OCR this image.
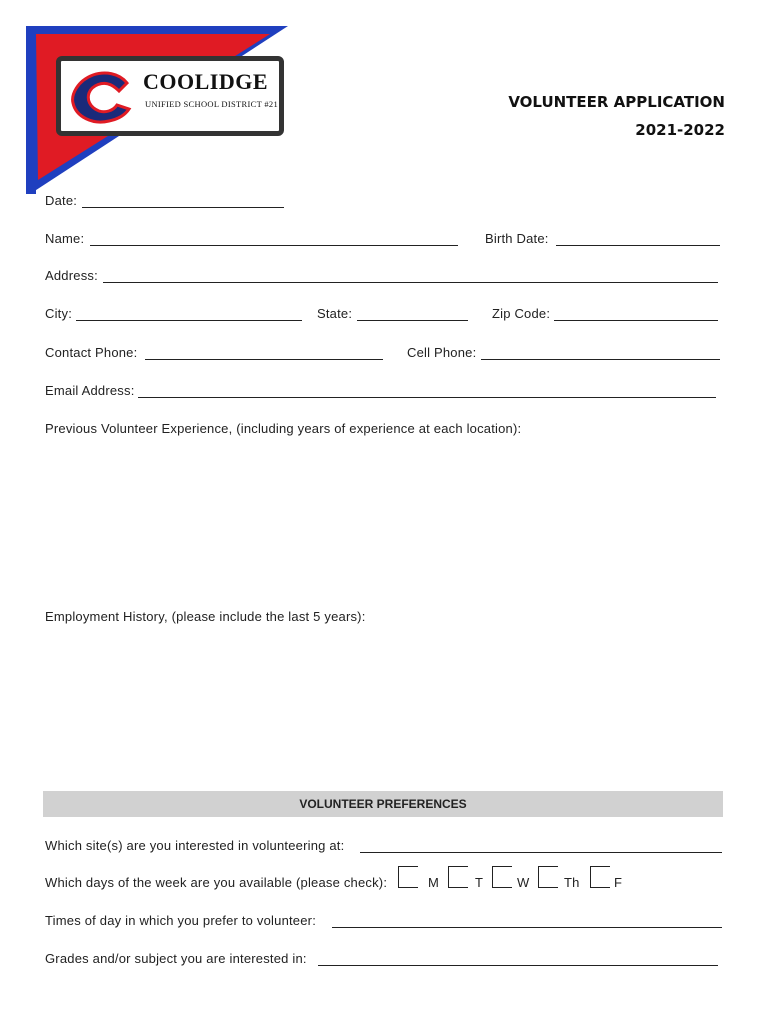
COOLIDGE
UNIFIED SCHOOL DISTRICT #21	VOLUNTEER APPLICATION
2021-2022
Date:
Name:	Birth Date:
Address:
City:	State:	Zip Code:
Contact Phone:	Cell Phone:
Email Address:
Previous Volunteer Experience, (including years of experience at each location):
Employment History, (please include the last 5 years):
VOLUNTEER PREFERENCES
Which site(s) are you interested in volunteering at:
Which days of the week are you available (please check):	M	T	W	Th	F
Times of day in which you prefer to volunteer:
Grades and/or subject you are interested in:
